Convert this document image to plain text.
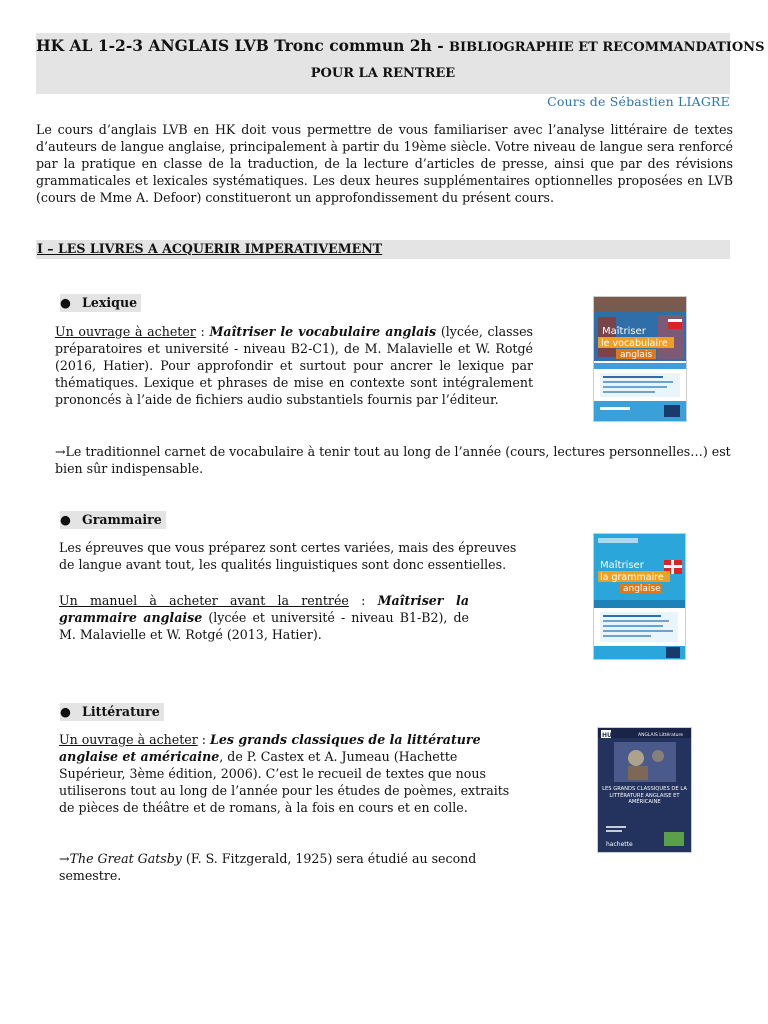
HK AL 1-2-3 ANGLAIS LVB Tronc commun 2h - BIBLIOGRAPHIE ET RECOMMANDATIONS
POUR LA RENTREE
Cours de Sébastien LIAGRE
Le cours d’anglais LVB en HK doit vous permettre de vous familiariser avec l’analyse littéraire de textes d’auteurs de langue anglaise, principalement à partir du 19ème siècle. Votre niveau de langue sera renforcé par la pratique en classe de la traduction, de la lecture d’articles de presse, ainsi que par des révisions grammaticales et lexicales systématiques. Les deux heures supplémentaires optionnelles proposées en LVB (cours de Mme A. Defoor) constitueront un approfondissement du présent cours.
I – LES LIVRES A ACQUERIR IMPERATIVEMENT
● Lexique
Un ouvrage à acheter : Maîtriser le vocabulaire anglais (lycée, classes préparatoires et université - niveau B2-C1), de M. Malavielle et W. Rotgé (2016, Hatier). Pour approfondir et surtout pour ancrer le lexique par thématiques. Lexique et phrases de mise en contexte sont intégralement prononcés à l’aide de fichiers audio substantiels fournis par l’éditeur.
Maîtriser
le vocabulaire
anglais
→Le traditionnel carnet de vocabulaire à tenir tout au long de l’année (cours, lectures personnelles…) est bien sûr indispensable.
● Grammaire
Les épreuves que vous préparez sont certes variées, mais des épreuves de langue avant tout, les qualités linguistiques sont donc essentielles.
Un manuel à acheter avant la rentrée : Maîtriser la grammaire anglaise (lycée et université - niveau B1-B2), de M. Malavielle et W. Rotgé (2013, Hatier).
Maîtriser
la grammaire
anglaise
● Littérature
Un ouvrage à acheter : Les grands classiques de la littérature anglaise et américaine, de P. Castex et A. Jumeau (Hachette Supérieur, 3ème édition, 2006). C’est le recueil de textes que nous utiliserons tout au long de l’année pour les études de poèmes, extraits de pièces de théâtre et de romans, à la fois en cours et en colle.
HU	ANGLAIS Littérature
LES GRANDS CLASSIQUES DE LA LITTÉRATURE ANGLAISE ET AMÉRICAINE
hachette
→The Great Gatsby (F. S. Fitzgerald, 1925) sera étudié au second semestre.
